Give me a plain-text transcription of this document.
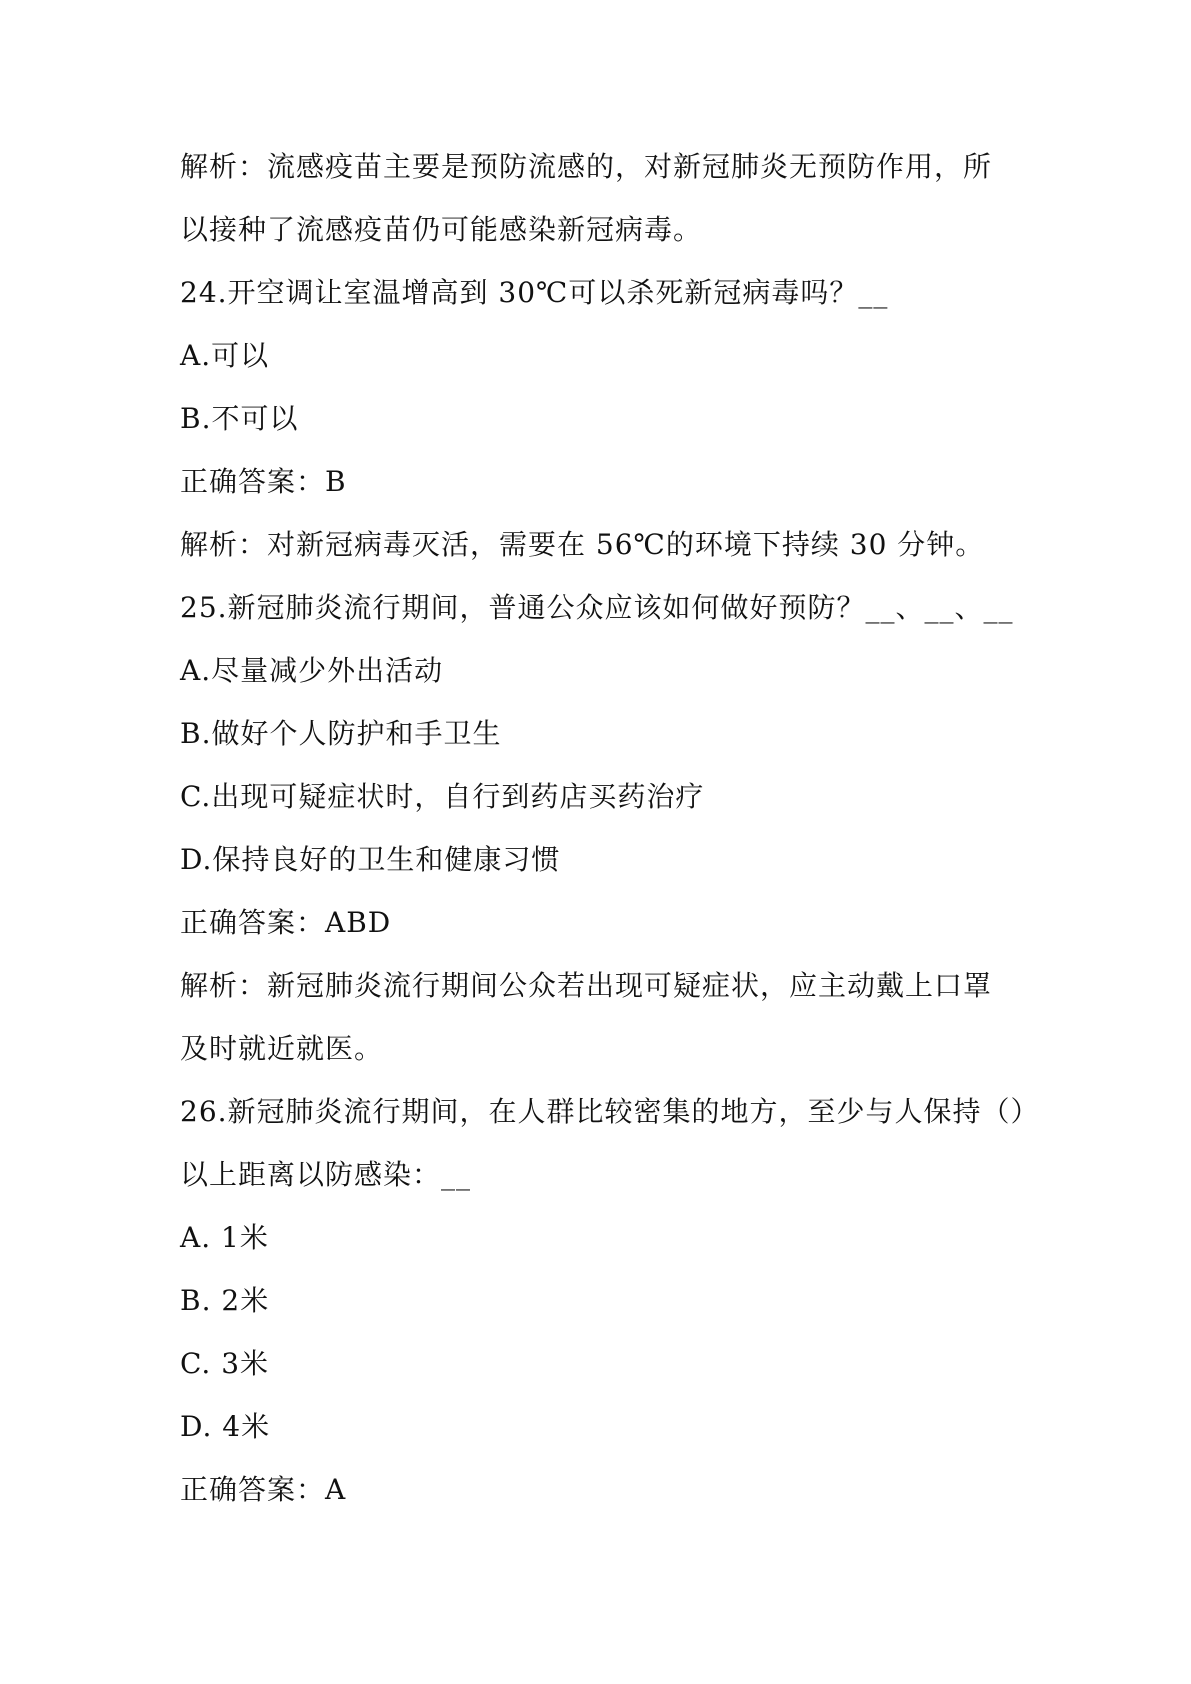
解析：流感疫苗主要是预防流感的，对新冠肺炎无预防作用，所
以接种了流感疫苗仍可能感染新冠病毒。
24.开空调让室温增高到 30℃可以杀死新冠病毒吗？__
A.可以
B.不可以
正确答案：B
解析：对新冠病毒灭活，需要在 56℃的环境下持续 30 分钟。
25.新冠肺炎流行期间，普通公众应该如何做好预防？__、__、__
A.尽量减少外出活动
B.做好个人防护和手卫生
C.出现可疑症状时，自行到药店买药治疗
D.保持良好的卫生和健康习惯
正确答案：ABD
解析：新冠肺炎流行期间公众若出现可疑症状，应主动戴上口罩
及时就近就医。
26.新冠肺炎流行期间，在人群比较密集的地方，至少与人保持（）
以上距离以防感染：__
A. 1米
B. 2米
C. 3米
D. 4米
正确答案：A
